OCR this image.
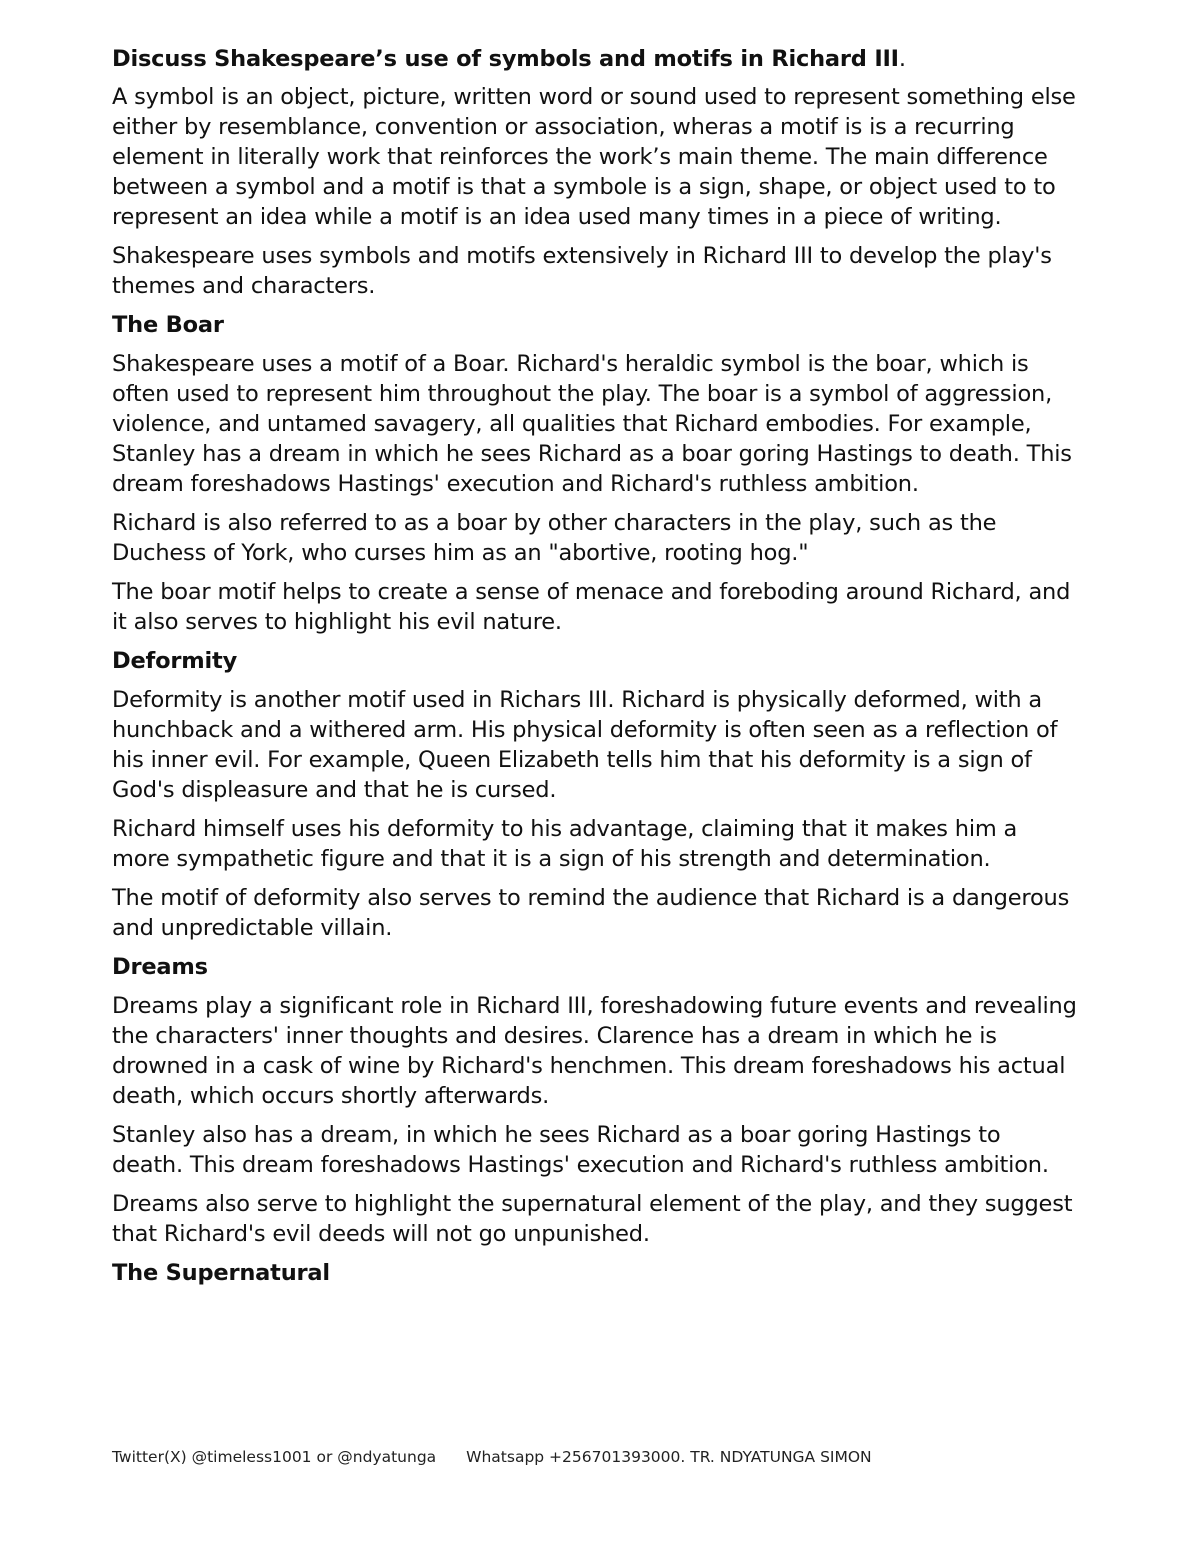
Discuss Shakespeare’s use of symbols and motifs in Richard III.

A symbol is an object, picture, written word or sound used to represent something else either by resemblance, convention or association, wheras a motif is is a recurring element in literally work that reinforces the work’s main theme. The main difference between a symbol and a motif is that a symbole is a sign, shape, or object used to to represent an idea while a motif is an idea used many times in a piece of writing.

Shakespeare uses symbols and motifs extensively in Richard III to develop the play's themes and characters.

The Boar

Shakespeare uses a motif of a Boar. Richard's heraldic symbol is the boar, which is often used to represent him throughout the play. The boar is a symbol of aggression, violence, and untamed savagery, all qualities that Richard embodies. For example, Stanley has a dream in which he sees Richard as a boar goring Hastings to death. This dream foreshadows Hastings' execution and Richard's ruthless ambition.

Richard is also referred to as a boar by other characters in the play, such as the Duchess of York, who curses him as an "abortive, rooting hog."

The boar motif helps to create a sense of menace and foreboding around Richard, and it also serves to highlight his evil nature.

Deformity

Deformity is another motif used in Richars III. Richard is physically deformed, with a hunchback and a withered arm. His physical deformity is often seen as a reflection of his inner evil. For example, Queen Elizabeth tells him that his deformity is a sign of God's displeasure and that he is cursed.

Richard himself uses his deformity to his advantage, claiming that it makes him a more sympathetic figure and that it is a sign of his strength and determination.

The motif of deformity also serves to remind the audience that Richard is a dangerous and unpredictable villain.

Dreams

Dreams play a significant role in Richard III, foreshadowing future events and revealing the characters' inner thoughts and desires. Clarence has a dream in which he is drowned in a cask of wine by Richard's henchmen. This dream foreshadows his actual death, which occurs shortly afterwards.

Stanley also has a dream, in which he sees Richard as a boar goring Hastings to death. This dream foreshadows Hastings' execution and Richard's ruthless ambition.

Dreams also serve to highlight the supernatural element of the play, and they suggest that Richard's evil deeds will not go unpunished.

The Supernatural
Twitter(X) @timeless1001 or @ndyatunga Whatsapp +256701393000. TR. NDYATUNGA SIMON
